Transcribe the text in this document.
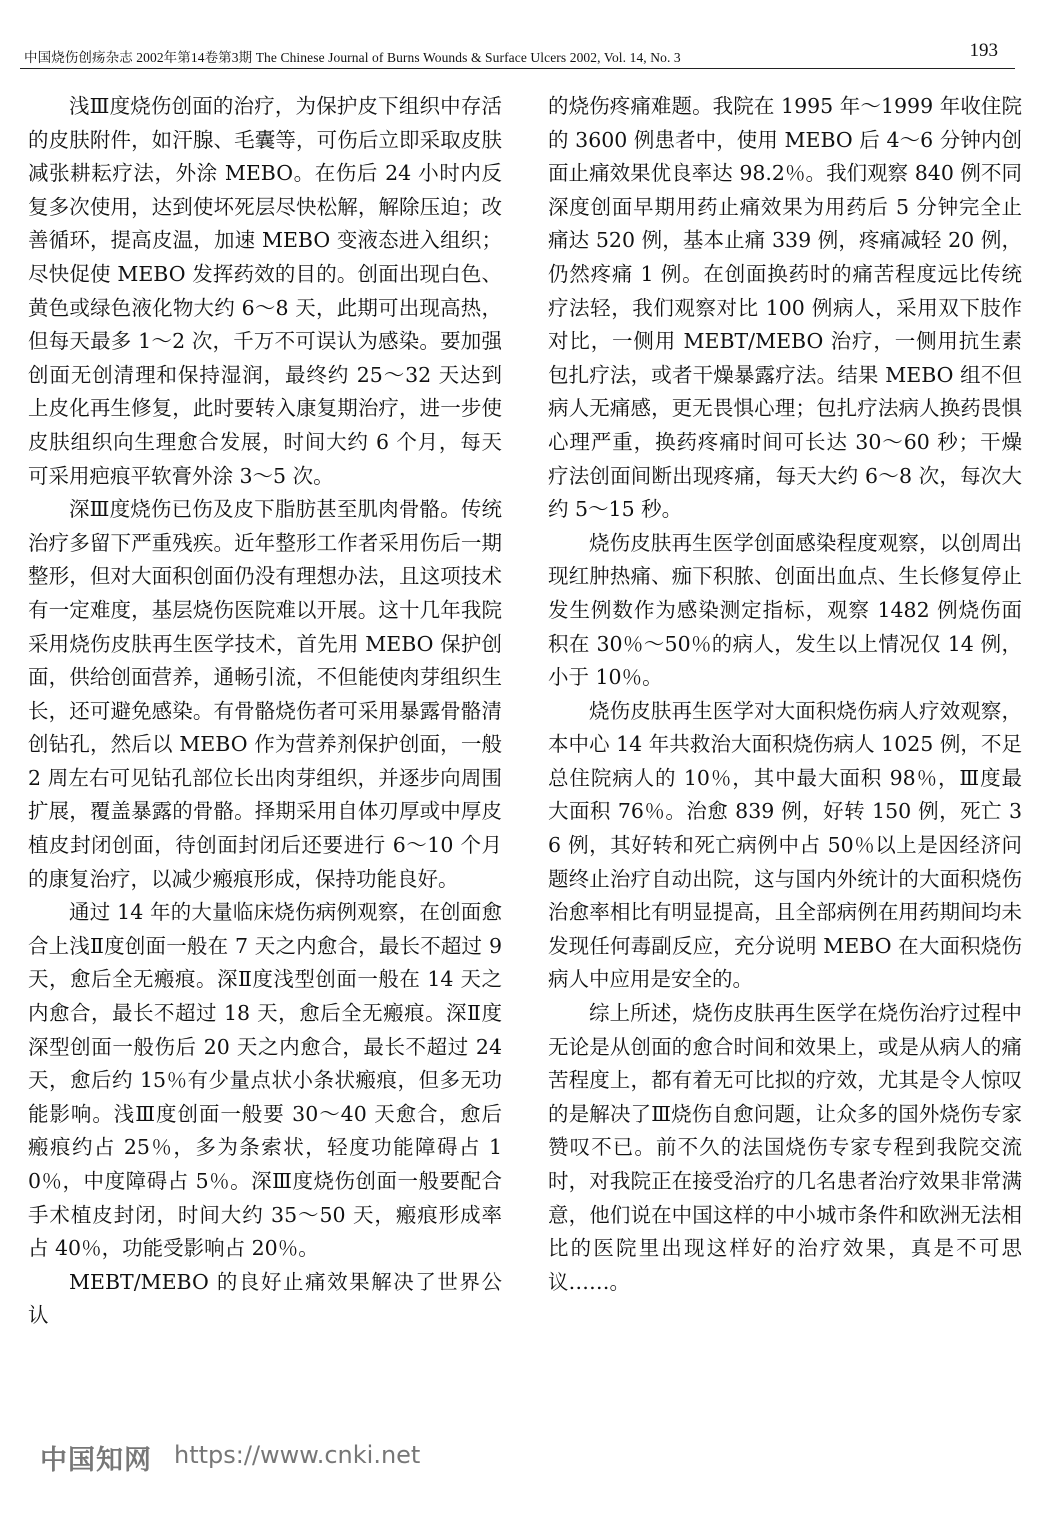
中国烧伤创疡杂志 2002年第14卷第3期 The Chinese Journal of Burns Wounds & Surface Ulcers 2002, Vol. 14, No. 3	193

浅Ⅲ度烧伤创面的治疗，为保护皮下组织中存活的皮肤附件，如汗腺、毛囊等，可伤后立即采取皮肤减张耕耘疗法，外涂 MEBO。在伤后 24 小时内反复多次使用，达到使坏死层尽快松解，解除压迫；改善循环，提高皮温，加速 MEBO 变液态进入组织；尽快促使 MEBO 发挥药效的目的。创面出现白色、黄色或绿色液化物大约 6～8 天，此期可出现高热，但每天最多 1～2 次，千万不可误认为感染。要加强创面无创清理和保持湿润，最终约 25～32 天达到上皮化再生修复，此时要转入康复期治疗，进一步使皮肤组织向生理愈合发展，时间大约 6 个月，每天可采用疤痕平软膏外涂 3～5 次。

深Ⅲ度烧伤已伤及皮下脂肪甚至肌肉骨骼。传统治疗多留下严重残疾。近年整形工作者采用伤后一期整形，但对大面积创面仍没有理想办法，且这项技术有一定难度，基层烧伤医院难以开展。这十几年我院采用烧伤皮肤再生医学技术，首先用 MEBO 保护创面，供给创面营养，通畅引流，不但能使肉芽组织生长，还可避免感染。有骨骼烧伤者可采用暴露骨骼清创钻孔，然后以 MEBO 作为营养剂保护创面，一般 2 周左右可见钻孔部位长出肉芽组织，并逐步向周围扩展，覆盖暴露的骨骼。择期采用自体刃厚或中厚皮植皮封闭创面，待创面封闭后还要进行 6～10 个月的康复治疗，以减少瘢痕形成，保持功能良好。

通过 14 年的大量临床烧伤病例观察，在创面愈合上浅Ⅱ度创面一般在 7 天之内愈合，最长不超过 9 天，愈后全无瘢痕。深Ⅱ度浅型创面一般在 14 天之内愈合，最长不超过 18 天，愈后全无瘢痕。深Ⅱ度深型创面一般伤后 20 天之内愈合，最长不超过 24 天，愈后约 15％有少量点状小条状瘢痕，但多无功能影响。浅Ⅲ度创面一般要 30～40 天愈合，愈后瘢痕约占 25％，多为条索状，轻度功能障碍占 10％，中度障碍占 5％。深Ⅲ度烧伤创面一般要配合手术植皮封闭，时间大约 35～50 天，瘢痕形成率占 40％，功能受影响占 20％。

MEBT/MEBO 的良好止痛效果解决了世界公认

的烧伤疼痛难题。我院在 1995 年～1999 年收住院的 3600 例患者中，使用 MEBO 后 4～6 分钟内创面止痛效果优良率达 98.2％。我们观察 840 例不同深度创面早期用药止痛效果为用药后 5 分钟完全止痛达 520 例，基本止痛 339 例，疼痛减轻 20 例，仍然疼痛 1 例。在创面换药时的痛苦程度远比传统疗法轻，我们观察对比 100 例病人，采用双下肢作对比，一侧用 MEBT/MEBO 治疗，一侧用抗生素包扎疗法，或者干燥暴露疗法。结果 MEBO 组不但病人无痛感，更无畏惧心理；包扎疗法病人换药畏惧心理严重，换药疼痛时间可长达 30～60 秒；干燥疗法创面间断出现疼痛，每天大约 6～8 次，每次大约 5～15 秒。

烧伤皮肤再生医学创面感染程度观察，以创周出现红肿热痛、痂下积脓、创面出血点、生长修复停止发生例数作为感染测定指标，观察 1482 例烧伤面积在 30％～50％的病人，发生以上情况仅 14 例，小于 10％。

烧伤皮肤再生医学对大面积烧伤病人疗效观察，本中心 14 年共救治大面积烧伤病人 1025 例，不足总住院病人的 10％，其中最大面积 98％，Ⅲ度最大面积 76％。治愈 839 例，好转 150 例，死亡 36 例，其好转和死亡病例中占 50％以上是因经济问题终止治疗自动出院，这与国内外统计的大面积烧伤治愈率相比有明显提高，且全部病例在用药期间均未发现任何毒副反应，充分说明 MEBO 在大面积烧伤病人中应用是安全的。

综上所述，烧伤皮肤再生医学在烧伤治疗过程中无论是从创面的愈合时间和效果上，或是从病人的痛苦程度上，都有着无可比拟的疗效，尤其是令人惊叹的是解决了Ⅲ烧伤自愈问题，让众多的国外烧伤专家赞叹不已。前不久的法国烧伤专家专程到我院交流时，对我院正在接受治疗的几名患者治疗效果非常满意，他们说在中国这样的中小城市条件和欧洲无法相比的医院里出现这样好的治疗效果，真是不可思议……。

中国知网 https://www.cnki.net
